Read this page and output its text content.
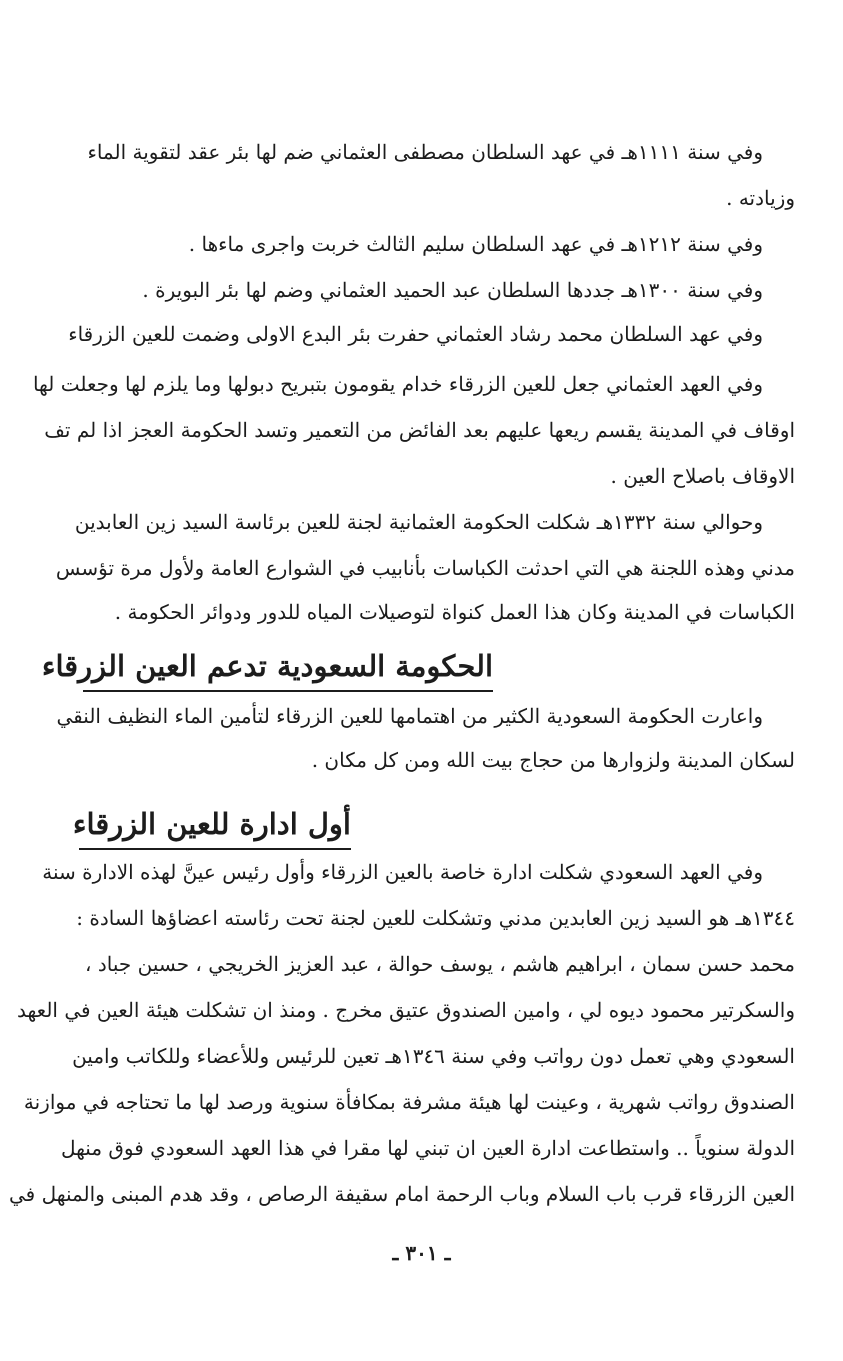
وفي سنة ١١١١هـ في عهد السلطان مصطفى العثماني ضم لها بئر عقد لتقوية الماء
وزيادته .
وفي سنة ١٢١٢هـ في عهد السلطان سليم الثالث خربت واجرى ماءها .
وفي سنة ١٣٠٠هـ جددها السلطان عبد الحميد العثماني وضم لها بئر البويرة .
وفي عهد السلطان محمد رشاد العثماني حفرت بئر البدع الاولى وضمت للعين الزرقاء
وفي العهد العثماني جعل للعين الزرقاء خدام يقومون بتبريح دبولها وما يلزم لها وجعلت لها
اوقاف في المدينة يقسم ريعها عليهم بعد الفائض من التعمير وتسد الحكومة العجز اذا لم تف
الاوقاف باصلاح العين .
وحوالي سنة ١٣٣٢هـ شكلت الحكومة العثمانية لجنة للعين برئاسة السيد زين العابدين
مدني وهذه اللجنة هي التي احدثت الكباسات بأنابيب في الشوارع العامة ولأول مرة تؤسس
الكباسات في المدينة وكان هذا العمل كنواة لتوصيلات المياه للدور ودوائر الحكومة .
الحكومة السعودية تدعم العين الزرقاء
واعارت الحكومة السعودية الكثير من اهتمامها للعين الزرقاء لتأمين الماء النظيف النقي
لسكان المدينة ولزوارها من حجاج بيت الله ومن كل مكان .
أول ادارة للعين الزرقاء
وفي العهد السعودي شكلت ادارة خاصة بالعين الزرقاء وأول رئيس عينَّ لهذه الادارة سنة
١٣٤٤هـ هو السيد زين العابدين مدني وتشكلت للعين لجنة تحت رئاسته اعضاؤها السادة :
محمد حسن سمان ، ابراهيم هاشم ، يوسف حوالة ، عبد العزيز الخريجي ، حسين جباد ،
والسكرتير محمود ديوه لي ، وامين الصندوق عتيق مخرج . ومنذ ان تشكلت هيئة العين في العهد
السعودي وهي تعمل دون رواتب وفي سنة ١٣٤٦هـ تعين للرئيس وللأعضاء وللكاتب وامين
الصندوق رواتب شهرية ، وعينت لها هيئة مشرفة بمكافأة سنوية ورصد لها ما تحتاجه في موازنة
الدولة سنوياً .. واستطاعت ادارة العين ان تبني لها مقرا في هذا العهد السعودي فوق منهل
العين الزرقاء قرب باب السلام وباب الرحمة امام سقيفة الرصاص ، وقد هدم المبنى والمنهل في
ـ ٣٠١ ـ
